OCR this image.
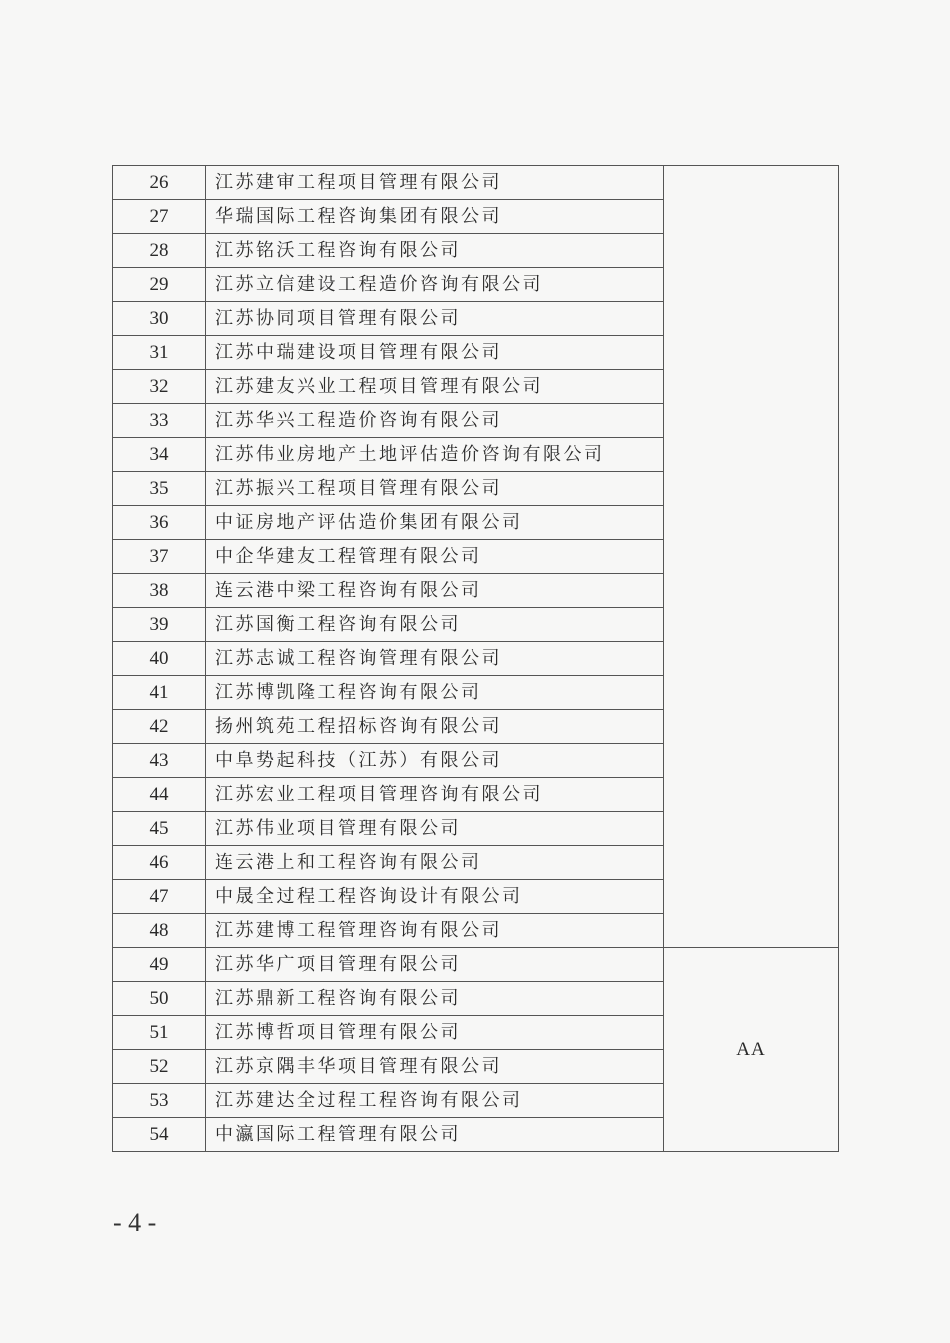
26	江苏建审工程项目管理有限公司	
27	华瑞国际工程咨询集团有限公司	
28	江苏铭沃工程咨询有限公司	
29	江苏立信建设工程造价咨询有限公司	
30	江苏协同项目管理有限公司	
31	江苏中瑞建设项目管理有限公司	
32	江苏建友兴业工程项目管理有限公司	
33	江苏华兴工程造价咨询有限公司	
34	江苏伟业房地产土地评估造价咨询有限公司	
35	江苏振兴工程项目管理有限公司	
36	中证房地产评估造价集团有限公司	
37	中企华建友工程管理有限公司	
38	连云港中梁工程咨询有限公司	
39	江苏国衡工程咨询有限公司	
40	江苏志诚工程咨询管理有限公司	
41	江苏博凯隆工程咨询有限公司	
42	扬州筑苑工程招标咨询有限公司	
43	中阜势起科技（江苏）有限公司	
44	江苏宏业工程项目管理咨询有限公司	
45	江苏伟业项目管理有限公司	
46	连云港上和工程咨询有限公司	
47	中晟全过程工程咨询设计有限公司	
48	江苏建博工程管理咨询有限公司	
49	江苏华广项目管理有限公司	AA
50	江苏鼎新工程咨询有限公司	
51	江苏博哲项目管理有限公司	
52	江苏京隅丰华项目管理有限公司	
53	江苏建达全过程工程咨询有限公司	
54	中瀛国际工程管理有限公司	
- 4 -
